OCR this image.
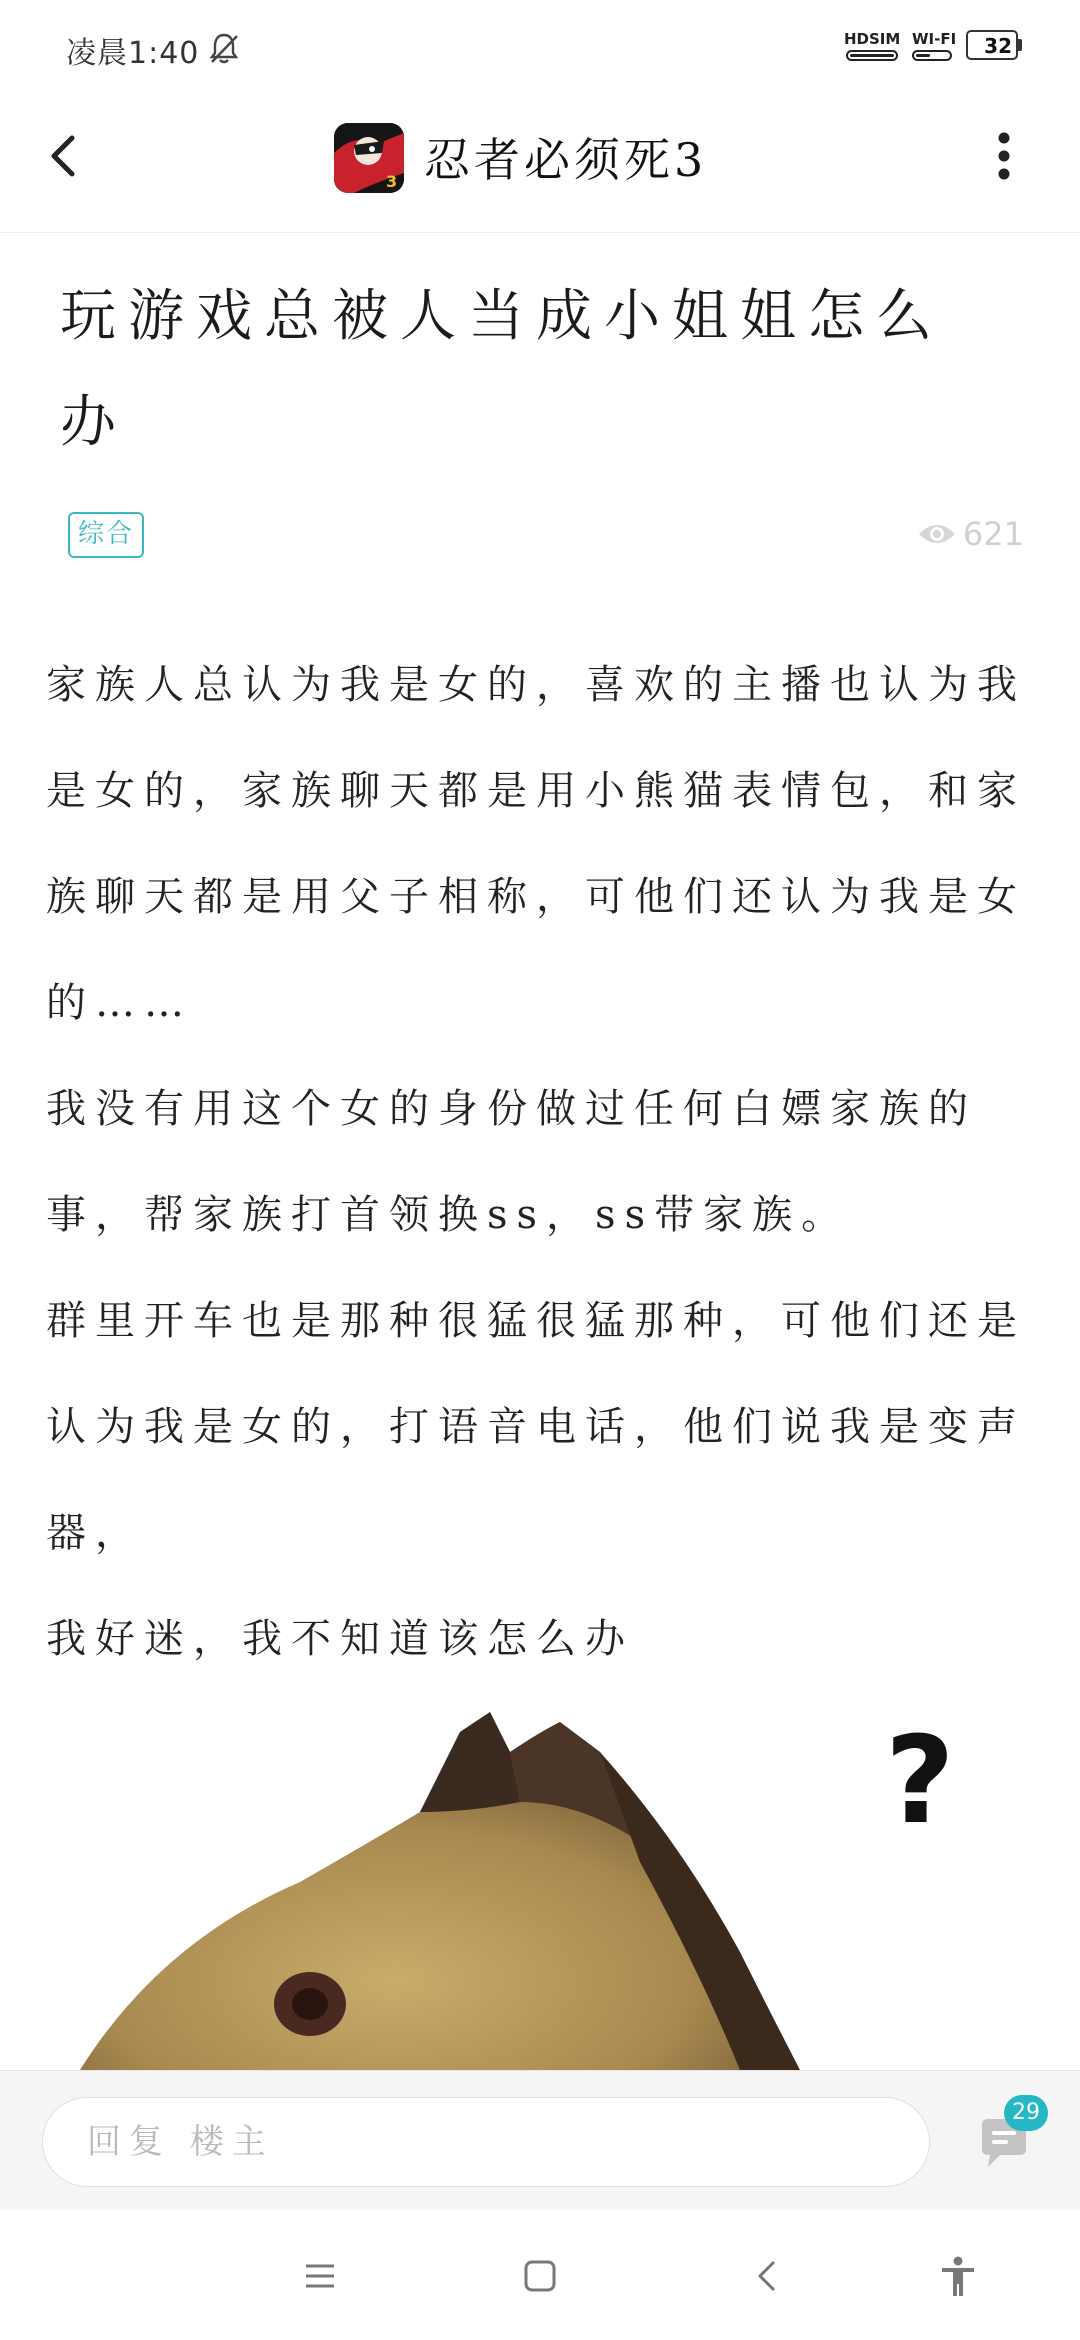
凌晨1:40	HDSIM WI-FI 32
3 忍者必须死3
玩游戏总被人当成小姐姐怎么办
综合	621

家族人总认为我是女的，喜欢的主播也认为我是女的，家族聊天都是用小熊猫表情包，和家族聊天都是用父子相称，可他们还认为我是女的……

我没有用这个女的身份做过任何白嫖家族的事，帮家族打首领换ss，ss带家族。

群里开车也是那种很猛很猛那种，可他们还是认为我是女的，打语音电话，他们说我是变声器，

我好迷，我不知道该怎么办

?
回复 楼主
29
